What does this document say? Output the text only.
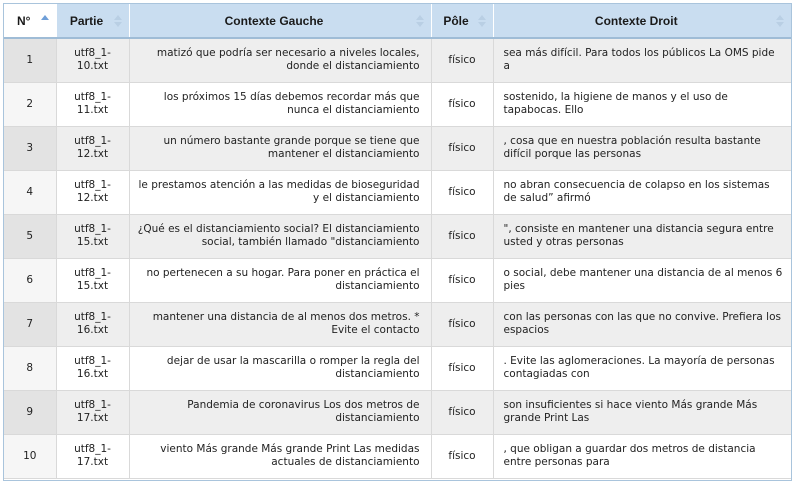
N°	Partie	Contexte Gauche	Pôle	Contexte Droit

1	utf8_1-10.txt	matizó que podría ser necesario a niveles locales, donde el distanciamiento	físico	sea más difícil. Para todos los públicos La OMS pide a
2	utf8_1-11.txt	los próximos 15 días debemos recordar más que nunca el distanciamiento	físico	sostenido, la higiene de manos y el uso de tapabocas. Ello
3	utf8_1-12.txt	un número bastante grande porque se tiene que mantener el distanciamiento	físico	, cosa que en nuestra población resulta bastante difícil porque las personas
4	utf8_1-12.txt	le prestamos atención a las medidas de bioseguridad y el distanciamiento	físico	no abran consecuencia de colapso en los sistemas de salud” afirmó
5	utf8_1-15.txt	¿Qué es el distanciamiento social? El distanciamiento social, también llamado "distanciamiento	físico	", consiste en mantener una distancia segura entre usted y otras personas
6	utf8_1-15.txt	no pertenecen a su hogar. Para poner en práctica el distanciamiento	físico	o social, debe mantener una distancia de al menos 6 pies
7	utf8_1-16.txt	mantener una distancia de al menos dos metros. * Evite el contacto	físico	con las personas con las que no convive. Prefiera los espacios
8	utf8_1-16.txt	dejar de usar la mascarilla o romper la regla del distanciamiento	físico	. Evite las aglomeraciones. La mayoría de personas contagiadas con
9	utf8_1-17.txt	Pandemia de coronavirus Los dos metros de distanciamiento	físico	son insuficientes si hace viento Más grande Más grande Print Las
10	utf8_1-17.txt	viento Más grande Más grande Print Las medidas actuales de distanciamiento	físico	, que obligan a guardar dos metros de distancia entre personas para
